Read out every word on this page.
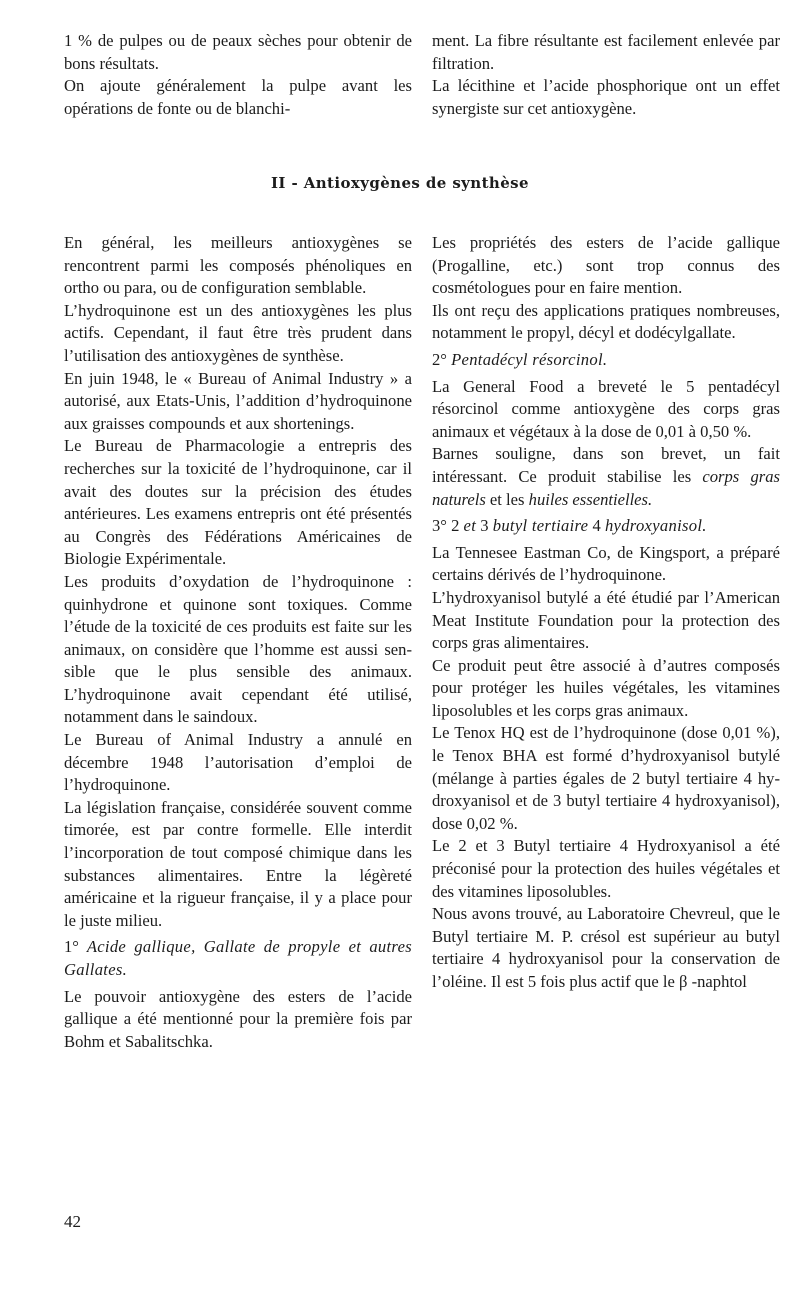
1 % de pulpes ou de peaux sèches pour obtenir de bons résultats.

On ajoute généralement la pulpe avant les opérations de fonte ou de blanchi-

ment. La fibre résultante est facilement enlevée par filtration.

La lécithine et l’acide phosphorique ont un effet synergiste sur cet antioxygène.

II - Antioxygènes de synthèse

En général, les meilleurs antioxygènes se rencontrent parmi les composés phénoliques en ortho ou para, ou de configuration semblable.

L’hydroquinone est un des antioxygènes les plus actifs. Cependant, il faut être très prudent dans l’utilisation des antioxygènes de synthèse.

En juin 1948, le « Bureau of Animal Industry » a autorisé, aux Etats-Unis, l’addition d’hydroquinone aux graisses compounds et aux shortenings.

Le Bureau de Pharmacologie a entrepris des recherches sur la toxicité de l’hydroquinone, car il avait des doutes sur la précision des études antérieures. Les examens entrepris ont été présentés au Congrès des Fédérations Américaines de Biologie Expérimentale.

Les produits d’oxydation de l’hydroquinone : quinhydrone et quinone sont toxiques. Comme l’étude de la toxicité de ces produits est faite sur les animaux, on considère que l’homme est aussi sensible que le plus sensible des animaux. L’hydroquinone avait cependant été utilisé, notamment dans le saindoux.

Le Bureau of Animal Industry a annulé en décembre 1948 l’autorisation d’emploi de l’hydroquinone.

La législation française, considérée souvent comme timorée, est par contre formelle. Elle interdit l’incorporation de tout composé chimique dans les substances alimentaires. Entre la légèreté américaine et la rigueur française, il y a place pour le juste milieu.

1° Acide gallique, Gallate de propyle et autres Gallates.

Le pouvoir antioxygène des esters de l’acide gallique a été mentionné pour la première fois par Bohm et Sabalitschka.

Les propriétés des esters de l’acide gallique (Progalline, etc.) sont trop connus des cosmétologues pour en faire mention.

Ils ont reçu des applications pratiques nombreuses, notamment le propyl, décyl et dodécylgallate.

2° Pentadécyl résorcinol.

La General Food a breveté le 5 pentadécyl résorcinol comme antioxygène des corps gras animaux et végétaux à la dose de 0,01 à 0,50 %.

Barnes souligne, dans son brevet, un fait intéressant. Ce produit stabilise les corps gras naturels et les huiles essentielles.

3° 2 et 3 butyl tertiaire 4 hydroxyanisol.

La Tennesee Eastman Co, de Kingsport, a préparé certains dérivés de l’hydroquinone.

L’hydroxyanisol butylé a été étudié par l’American Meat Institute Foundation pour la protection des corps gras alimentaires.

Ce produit peut être associé à d’autres composés pour protéger les huiles végétales, les vitamines liposolubles et les corps gras animaux.

Le Tenox HQ est de l’hydroquinone (dose 0,01 %), le Tenox BHA est formé d’hydroxyanisol butylé (mélange à parties égales de 2 butyl tertiaire 4 hydroxyanisol et de 3 butyl tertiaire 4 hydroxyanisol), dose 0,02 %.

Le 2 et 3 Butyl tertiaire 4 Hydroxyanisol a été préconisé pour la protection des huiles végétales et des vitamines liposolubles.

Nous avons trouvé, au Laboratoire Chevreul, que le Butyl tertiaire M. P. crésol est supérieur au butyl tertiaire 4 hydroxyanisol pour la conservation de l’oléine. Il est 5 fois plus actif que le β -naphtol

42
